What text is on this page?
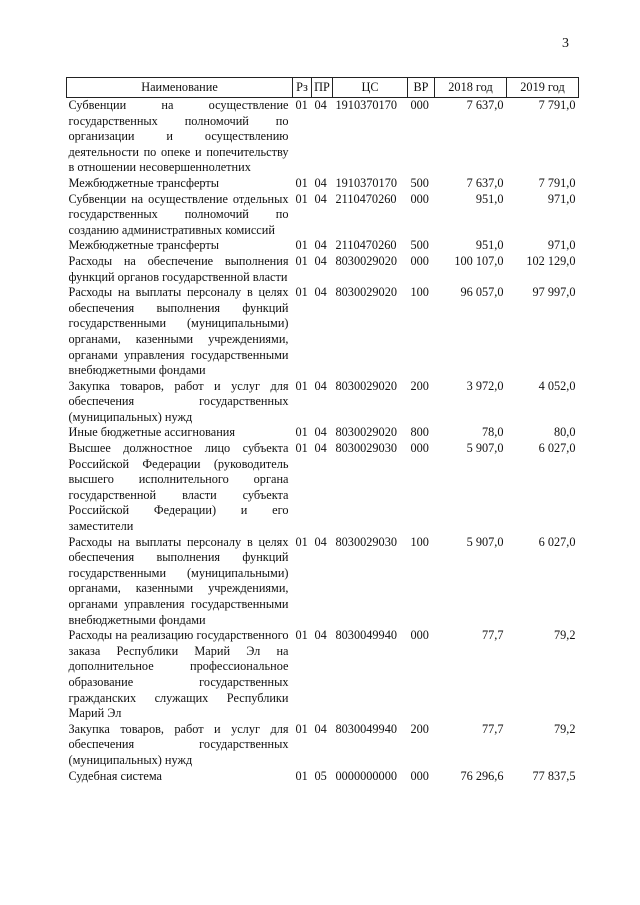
3
Наименование	Рз	ПР	ЦС	ВР	2018 год	2019 год
Субвенции на осуществление государственных полномочий по организации и осуществлению деятельности по опеке и попечительству в отношении несовершеннолетних	01	04	1910370170	000	7 637,0	7 791,0
Межбюджетные трансферты	01	04	1910370170	500	7 637,0	7 791,0
Субвенции на осуществление отдельных государственных полномочий по созданию административных комиссий	01	04	2110470260	000	951,0	971,0
Межбюджетные трансферты	01	04	2110470260	500	951,0	971,0
Расходы на обеспечение выполнения функций органов государственной власти	01	04	8030029020	000	100 107,0	102 129,0
Расходы на выплаты персоналу в целях обеспечения выполнения функций государственными (муниципальными) органами, казенными учреждениями, органами управления государственными внебюджетными фондами	01	04	8030029020	100	96 057,0	97 997,0
Закупка товаров, работ и услуг для обеспечения государственных (муниципальных) нужд	01	04	8030029020	200	3 972,0	4 052,0
Иные бюджетные ассигнования	01	04	8030029020	800	78,0	80,0
Высшее должностное лицо субъекта Российской Федерации (руководитель высшего исполнительного органа государственной власти субъекта Российской Федерации) и его заместители	01	04	8030029030	000	5 907,0	6 027,0
Расходы на выплаты персоналу в целях обеспечения выполнения функций государственными (муниципальными) органами, казенными учреждениями, органами управления государственными внебюджетными фондами	01	04	8030029030	100	5 907,0	6 027,0
Расходы на реализацию государственного заказа Республики Марий Эл на дополнительное профессиональное образование государственных гражданских служащих Республики Марий Эл	01	04	8030049940	000	77,7	79,2
Закупка товаров, работ и услуг для обеспечения государственных (муниципальных) нужд	01	04	8030049940	200	77,7	79,2
Судебная система	01	05	0000000000	000	76 296,6	77 837,5
